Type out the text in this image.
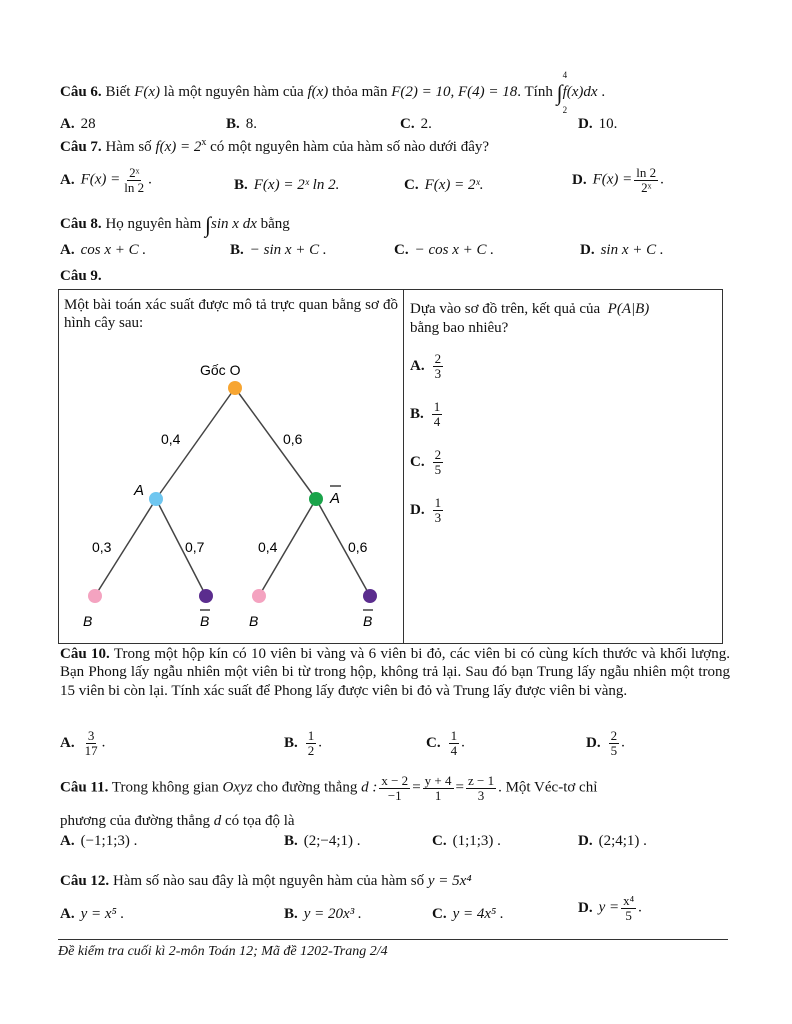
Câu 6. Biết F(x) là một nguyên hàm của f(x) thỏa mãn F(2) = 10, F(4) = 18. Tính ∫
4
2
f(x)dx .
A. 28	B. 8.	C. 2.	D. 10.
Câu 7. Hàm số $f(x) = 2^x$ có một nguyên hàm của hàm số nào dưới đây?
A. $F(x) = \frac{\text{2ˣ}}{\ln 2}$ .	B. F(x) = 2ˣ ln 2.	C. F(x) = 2ˣ.	D. $F(x) = \frac{\ln 2}{\text{2ˣ}}$ .
Câu 8. Họ nguyên hàm ∫sin x dx bằng
A. cos x + C .	B. − sin x + C .	C. − cos x + C .	D. sin x + C .
Câu 9.
Một bài toán xác suất được mô tả trực quan bằng sơ đồ hình cây sau:
Gốc O
0,4	0,6
A	A
0,3	0,7	0,4	0,6
B	B	B	B
Dựa vào sơ đồ trên, kết quả của P(A|B)
bằng bao nhiêu?
A. $\frac{2}{3}$
B. $\frac{1}{4}$
C. $\frac{2}{5}$
D. $\frac{1}{3}$
Câu 10. Trong một hộp kín có 10 viên bi vàng và 6 viên bi đỏ, các viên bi có cùng kích thước và khối lượng. Bạn Phong lấy ngẫu nhiên một viên bi từ trong hộp, không trả lại. Sau đó bạn Trung lấy ngẫu nhiên một trong 15 viên bi còn lại. Tính xác suất để Phong lấy được viên bi đỏ và Trung lấy được viên bi vàng.
A. $\frac{3}{17}$ .	B. $\frac{1}{2}$ .	C. $\frac{1}{4}$ .	D. $\frac{2}{5}$ .
Câu 11. Trong không gian Oxyz cho đường thẳng d : $\frac{x - 2}{-1} = \frac{y + 4}{1} = \frac{z - 1}{3}$ . Một Véc-tơ chỉ
phương của đường thẳng d có tọa độ là
A. (−1;1;3) .	B. (2;−4;1) .	C. (1;1;3) .	D. (2;4;1) .
Câu 12. Hàm số nào sau đây là một nguyên hàm của hàm số y = 5x⁴
A. y = x⁵ .	B. y = 20x³ .	C. y = 4x⁵ .	D. $y = \frac{\text{x⁴}}{5}$ .
Đề kiểm tra cuối kì 2-môn Toán 12; Mã đề 1202-Trang 2/4
